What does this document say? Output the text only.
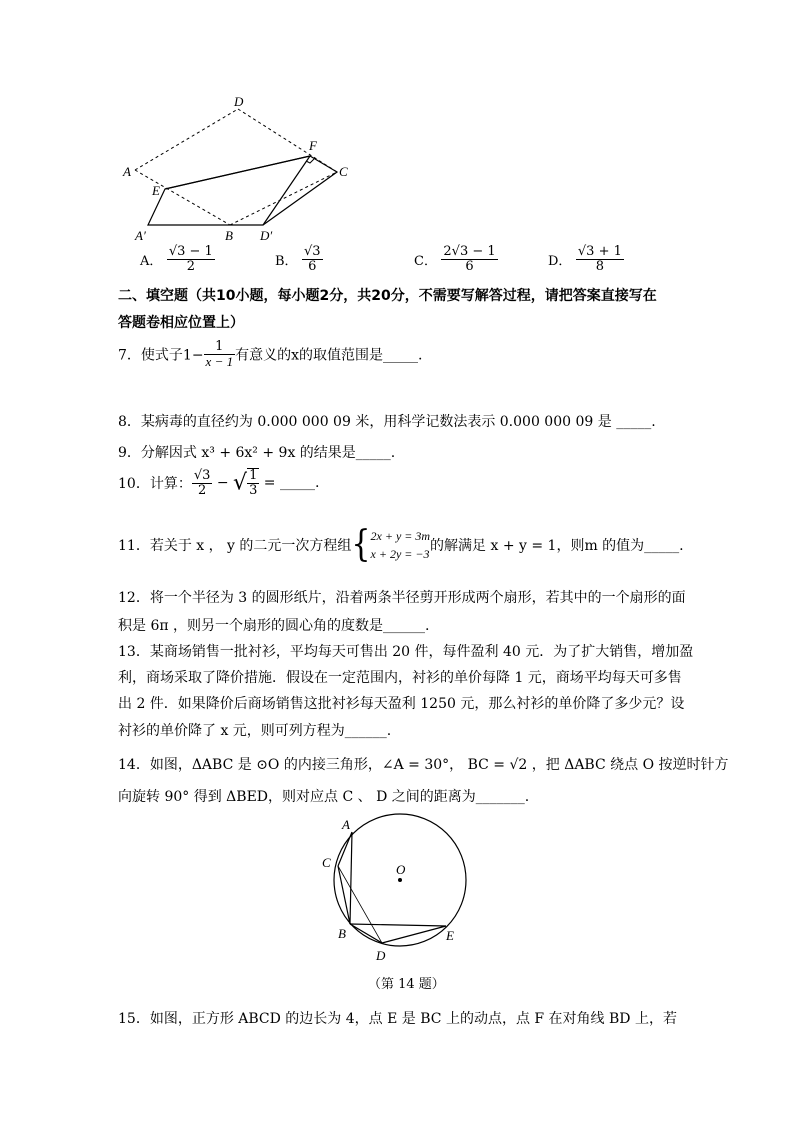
D
F
A	C
E
A′	B D′
A． $\frac{√3 - 1}{2}$	B． $\frac{√3}{6}$	C． $\frac{2√3 - 1}{6}$	D． $\frac{√3 + 1}{8}$
二、填空题（共10小题，每小题2分，共20分，不需要写解答过程，请把答案直接写在
答题卷相应位置上）
7．使式子$1- \frac{1}{x - 1}$ 有意义的x的取值范围是_____.
8．某病毒的直径约为 0.000 000 09 米，用科学记数法表示 0.000 000 09 是 _____.
9．分解因式 x³ + 6x² + 9x 的结果是_____.
10．计算： $\frac{√3}{2}$ − √ $\frac{1}{3}$ = _____.
11．若关于 x ， y 的二元一次方程组{ 2x + y = 3m
x + 2y = −3 的解满足 x + y = 1，则m 的值为_____.
12．将一个半径为 3 的圆形纸片，沿着两条半径剪开形成两个扇形，若其中的一个扇形的面
积是 6π ，则另一个扇形的圆心角的度数是______.
13．某商场销售一批衬衫，平均每天可售出 20 件，每件盈利 40 元．为了扩大销售，增加盈
利，商场采取了降价措施．假设在一定范围内，衬衫的单价每降 1 元，商场平均每天可多售
出 2 件．如果降价后商场销售这批衬衫每天盈利 1250 元，那么衬衫的单价降了多少元？设
衬衫的单价降了 x 元，则可列方程为______.
14．如图，ΔABC 是 ⊙O 的内接三角形，∠A = 30°， BC = √2 ，把 ΔABC 绕点 O 按逆时针方
向旋转 90° 得到 ΔBED，则对应点 C 、 D 之间的距离为_______.
A
C	O
B	E
D
（第 14 题）
15．如图，正方形 ABCD 的边长为 4，点 E 是 BC 上的动点，点 F 在对角线 BD 上，若
